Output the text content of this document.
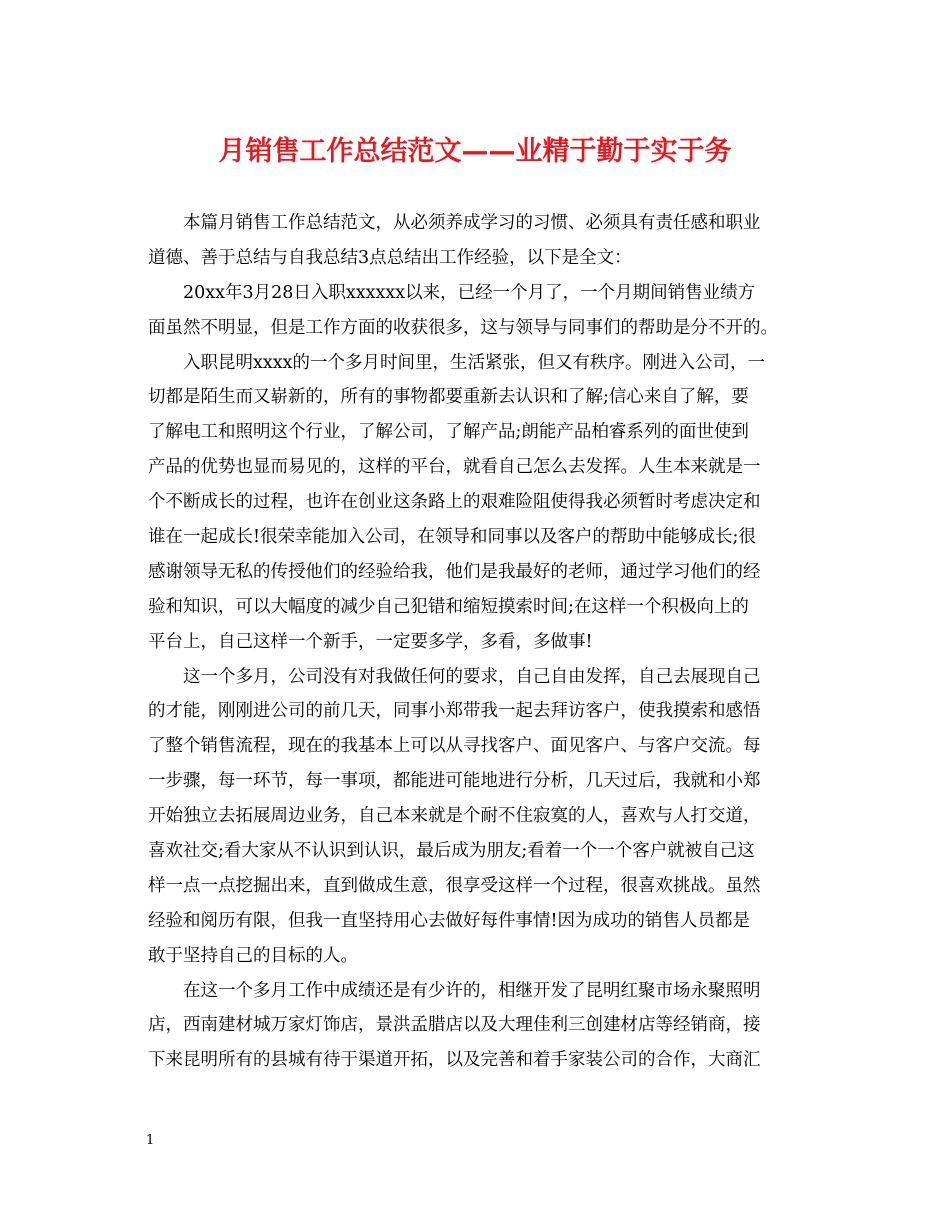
月销售工作总结范文——业精于勤于实于务
本篇月销售工作总结范文，从必须养成学习的习惯、必须具有责任感和职业
道德、善于总结与自我总结3点总结出工作经验，以下是全文：
20xx年3月28日入职xxxxxx以来，已经一个月了，一个月期间销售业绩方
面虽然不明显，但是工作方面的收获很多，这与领导与同事们的帮助是分不开的。
入职昆明xxxx的一个多月时间里，生活紧张，但又有秩序。刚进入公司，一
切都是陌生而又崭新的，所有的事物都要重新去认识和了解;信心来自了解，要
了解电工和照明这个行业，了解公司，了解产品;朗能产品柏睿系列的面世使到
产品的优势也显而易见的，这样的平台，就看自己怎么去发挥。人生本来就是一
个不断成长的过程，也许在创业这条路上的艰难险阻使得我必须暂时考虑决定和
谁在一起成长!很荣幸能加入公司，在领导和同事以及客户的帮助中能够成长;很
感谢领导无私的传授他们的经验给我，他们是我最好的老师，通过学习他们的经
验和知识，可以大幅度的减少自己犯错和缩短摸索时间;在这样一个积极向上的
平台上，自己这样一个新手，一定要多学，多看，多做事!
这一个多月，公司没有对我做任何的要求，自己自由发挥，自己去展现自己
的才能，刚刚进公司的前几天，同事小郑带我一起去拜访客户，使我摸索和感悟
了整个销售流程，现在的我基本上可以从寻找客户、面见客户、与客户交流。每
一步骤，每一环节，每一事项，都能进可能地进行分析，几天过后，我就和小郑
开始独立去拓展周边业务，自己本来就是个耐不住寂寞的人，喜欢与人打交道，
喜欢社交;看大家从不认识到认识，最后成为朋友;看着一个一个客户就被自己这
样一点一点挖掘出来，直到做成生意，很享受这样一个过程，很喜欢挑战。虽然
经验和阅历有限，但我一直坚持用心去做好每件事情!因为成功的销售人员都是
敢于坚持自己的目标的人。
在这一个多月工作中成绩还是有少许的，相继开发了昆明红聚市场永聚照明
店，西南建材城万家灯饰店，景洪孟腊店以及大理佳利三创建材店等经销商，接
下来昆明所有的县城有待于渠道开拓，以及完善和着手家装公司的合作，大商汇
1
